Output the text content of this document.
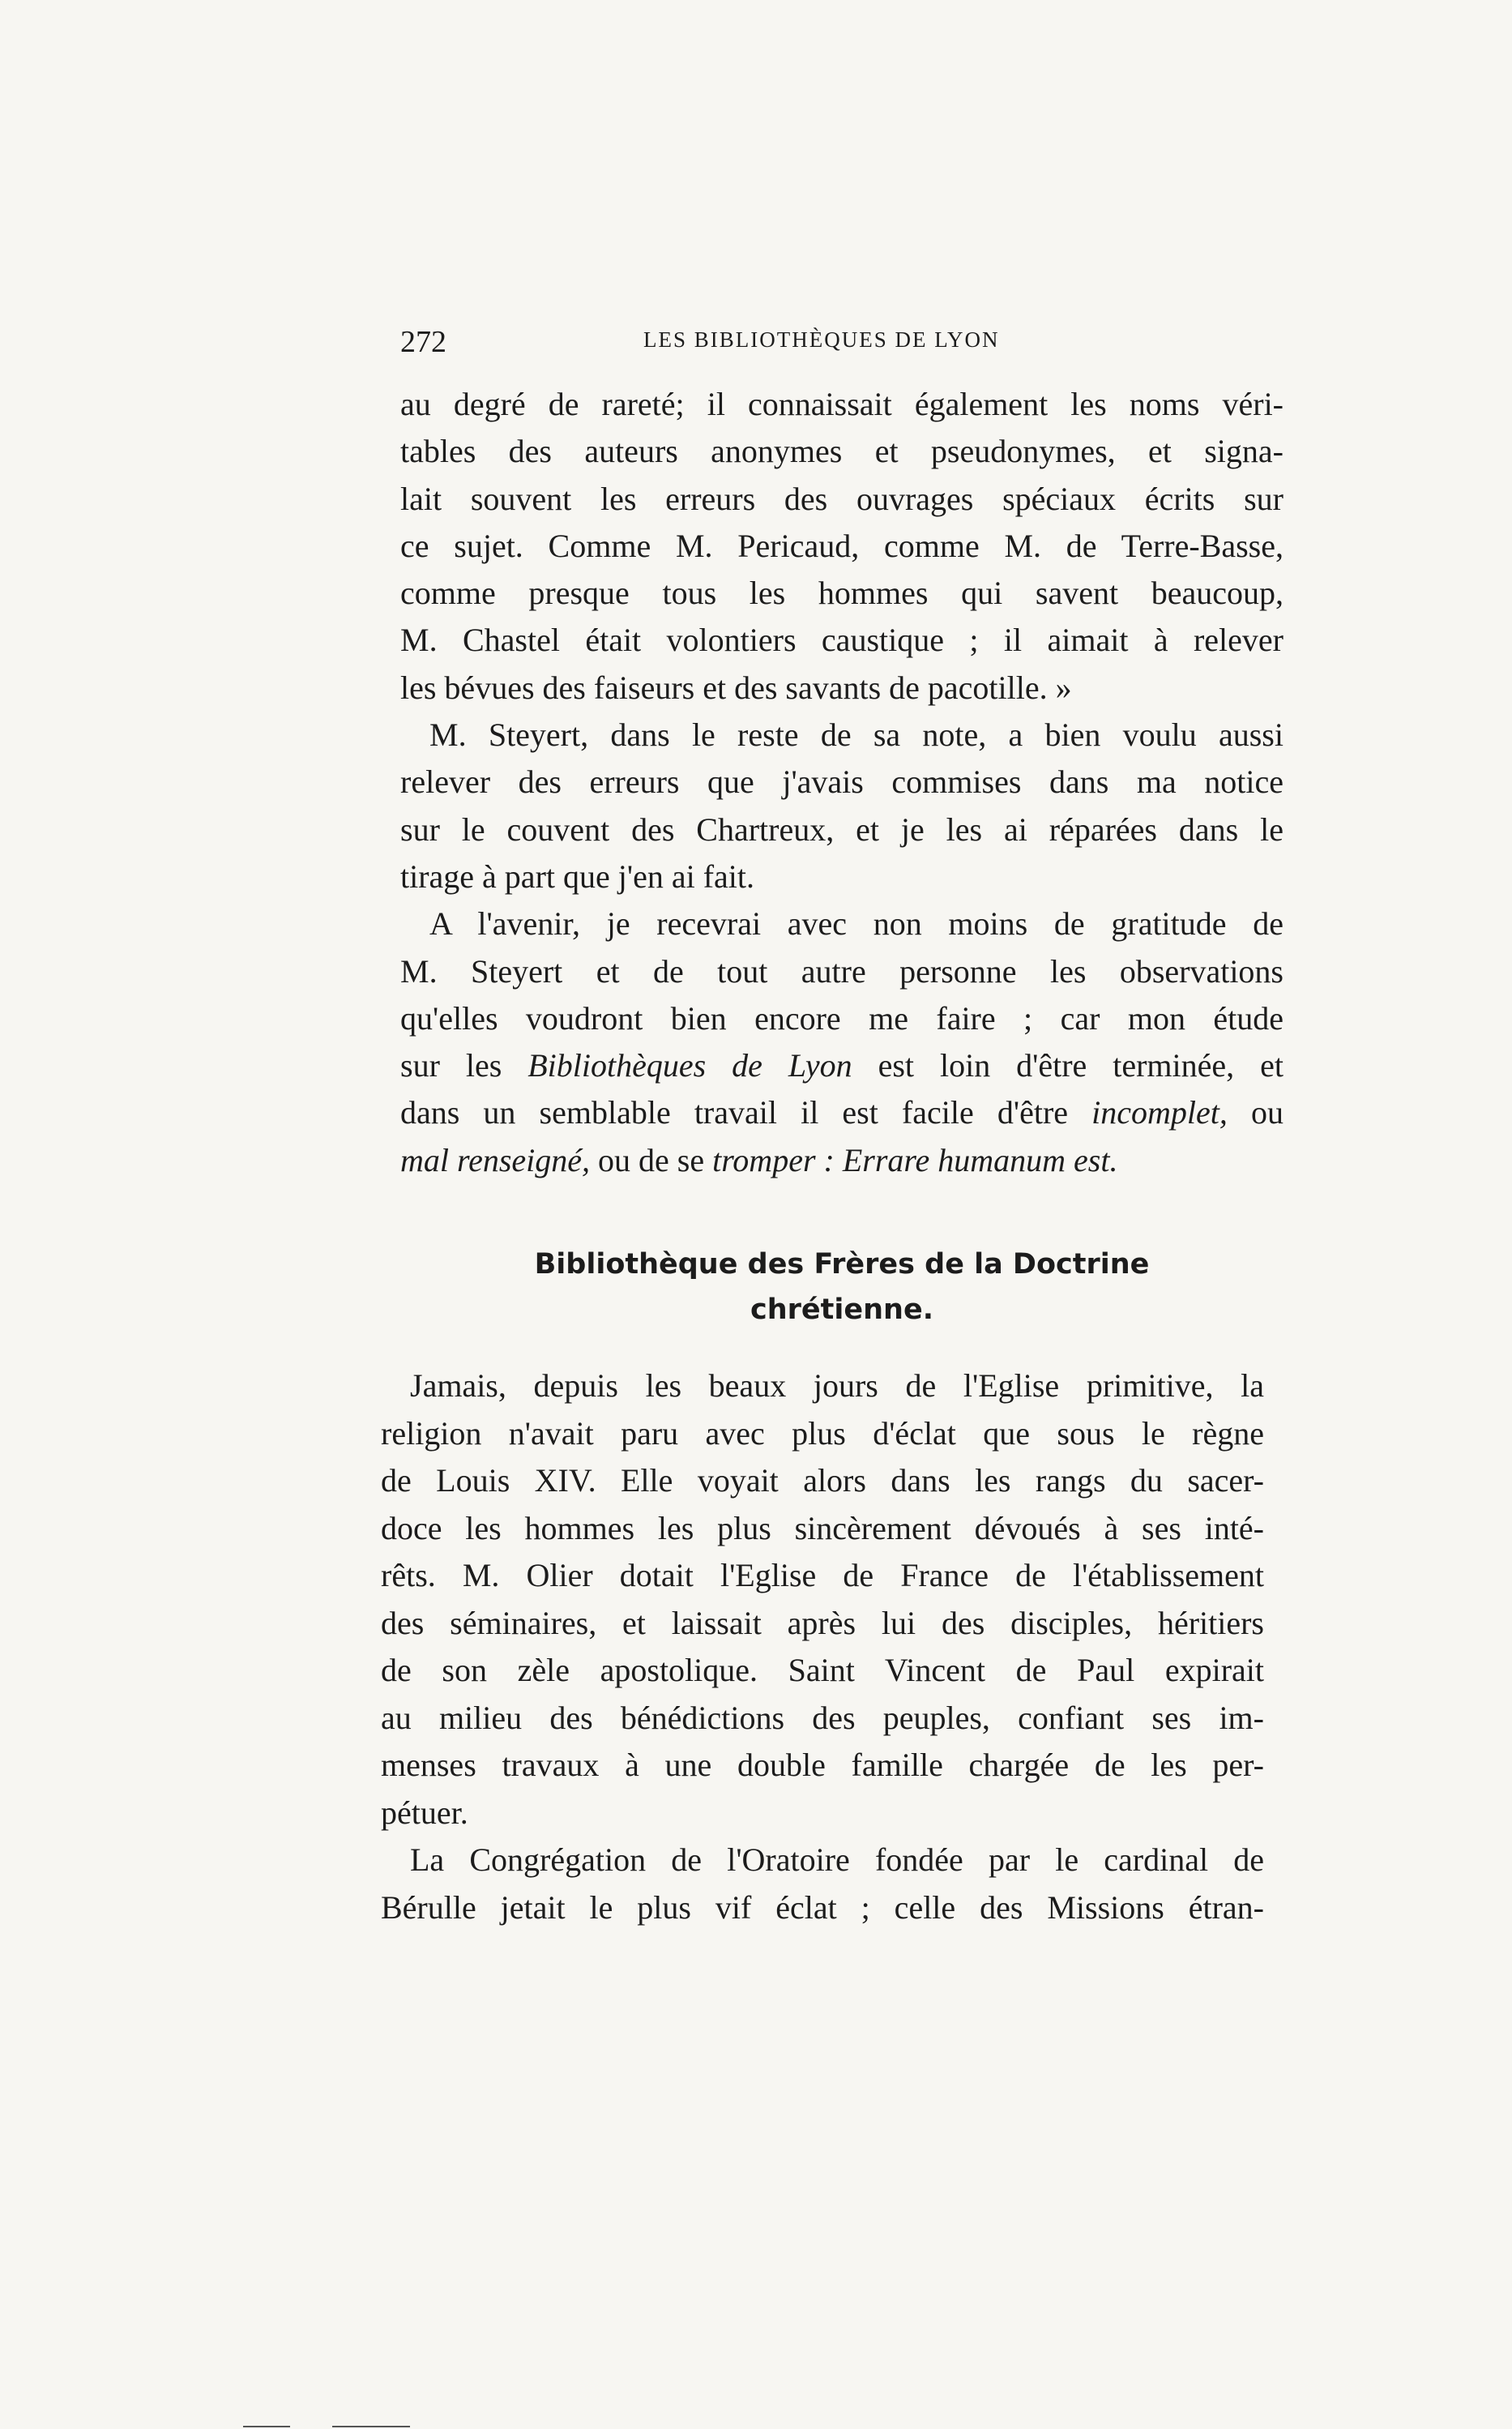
272	LES BIBLIOTHÈQUES DE LYON
au degré de rareté; il connaissait également les noms véri-
tables des auteurs anonymes et pseudonymes, et signa-
lait souvent les erreurs des ouvrages spéciaux écrits sur
ce sujet. Comme M. Pericaud, comme M. de Terre-Basse,
comme presque tous les hommes qui savent beaucoup,
M. Chastel était volontiers caustique ; il aimait à relever
les bévues des faiseurs et des savants de pacotille. »
M. Steyert, dans le reste de sa note, a bien voulu aussi
relever des erreurs que j'avais commises dans ma notice
sur le couvent des Chartreux, et je les ai réparées dans le
tirage à part que j'en ai fait.
A l'avenir, je recevrai avec non moins de gratitude de
M. Steyert et de tout autre personne les observations
qu'elles voudront bien encore me faire ; car mon étude
sur les Bibliothèques de Lyon est loin d'être terminée, et
dans un semblable travail il est facile d'être incomplet, ou
mal renseigné, ou de se tromper : Errare humanum est.
Bibliothèque des Frères de la Doctrine
chrétienne.
Jamais, depuis les beaux jours de l'Eglise primitive, la
religion n'avait paru avec plus d'éclat que sous le règne
de Louis XIV. Elle voyait alors dans les rangs du sacer-
doce les hommes les plus sincèrement dévoués à ses inté-
rêts. M. Olier dotait l'Eglise de France de l'établissement
des séminaires, et laissait après lui des disciples, héritiers
de son zèle apostolique. Saint Vincent de Paul expirait
au milieu des bénédictions des peuples, confiant ses im-
menses travaux à une double famille chargée de les per-
pétuer.
La Congrégation de l'Oratoire fondée par le cardinal de
Bérulle jetait le plus vif éclat ; celle des Missions étran-
